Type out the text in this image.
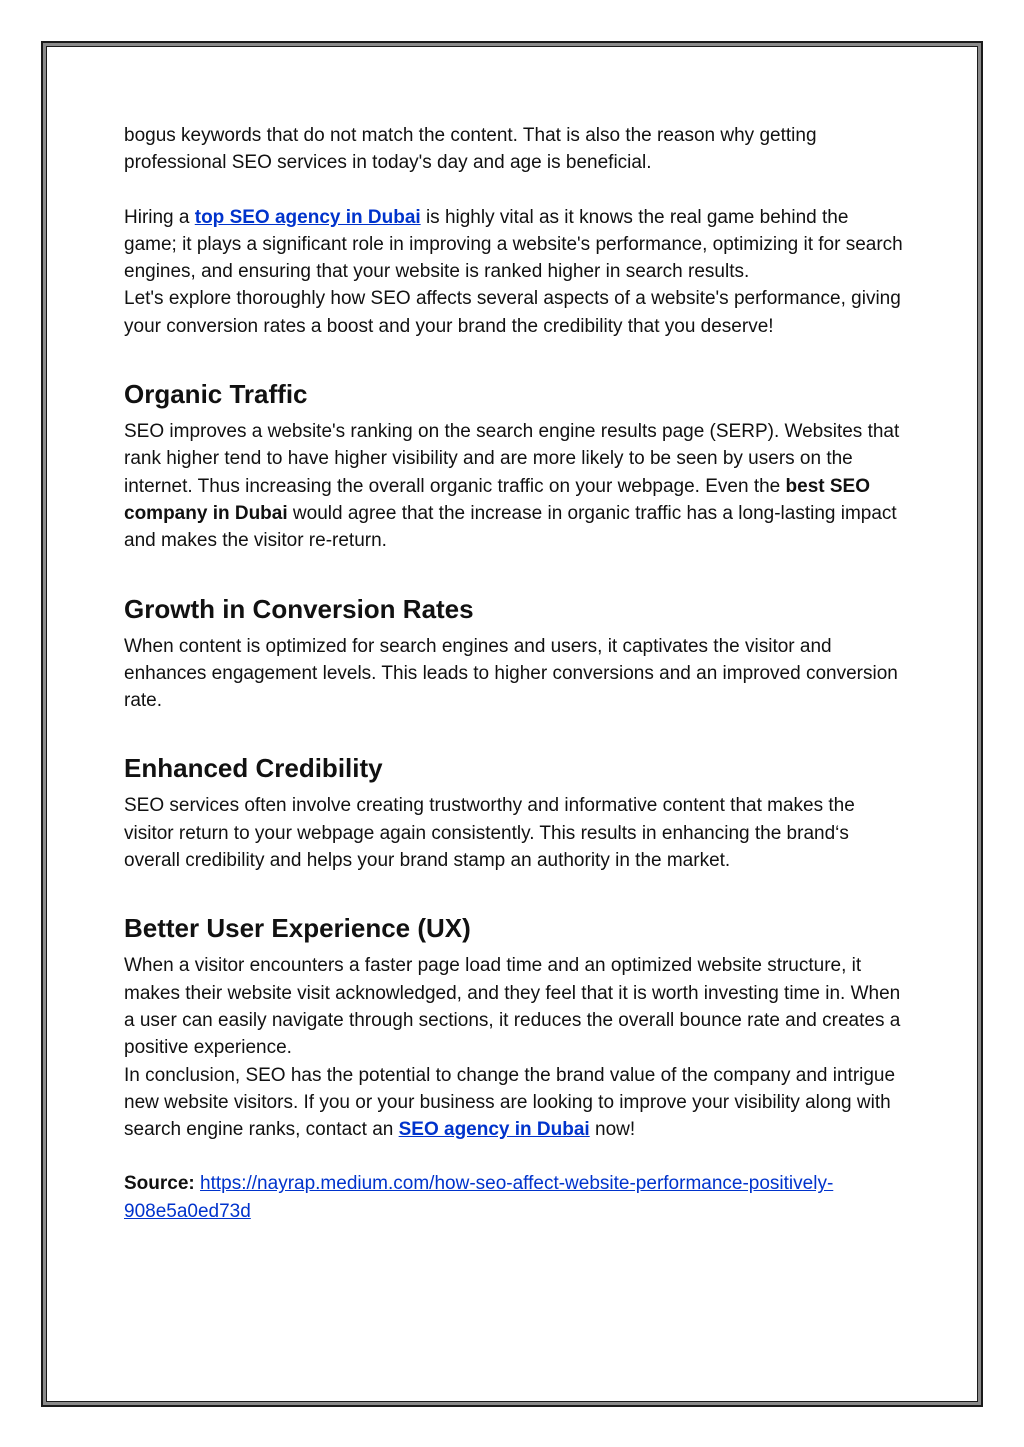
bogus keywords that do not match the content. That is also the reason why getting professional SEO services in today's day and age is beneficial.

Hiring a top SEO agency in Dubai is highly vital as it knows the real game behind the game; it plays a significant role in improving a website's performance, optimizing it for search engines, and ensuring that your website is ranked higher in search results.

Let's explore thoroughly how SEO affects several aspects of a website's performance, giving your conversion rates a boost and your brand the credibility that you deserve!

Organic Traffic

SEO improves a website's ranking on the search engine results page (SERP). Websites that rank higher tend to have higher visibility and are more likely to be seen by users on the internet. Thus increasing the overall organic traffic on your webpage. Even the best SEO company in Dubai would agree that the increase in organic traffic has a long-lasting impact and makes the visitor re-return.

Growth in Conversion Rates

When content is optimized for search engines and users, it captivates the visitor and enhances engagement levels. This leads to higher conversions and an improved conversion rate.

Enhanced Credibility

SEO services often involve creating trustworthy and informative content that makes the visitor return to your webpage again consistently. This results in enhancing the brand‘s overall credibility and helps your brand stamp an authority in the market.

Better User Experience (UX)

When a visitor encounters a faster page load time and an optimized website structure, it makes their website visit acknowledged, and they feel that it is worth investing time in. When a user can easily navigate through sections, it reduces the overall bounce rate and creates a positive experience.

In conclusion, SEO has the potential to change the brand value of the company and intrigue new website visitors. If you or your business are looking to improve your visibility along with search engine ranks, contact an SEO agency in Dubai now!

Source: https://nayrap.medium.com/how-seo-affect-website-performance-positively-908e5a0ed73d
